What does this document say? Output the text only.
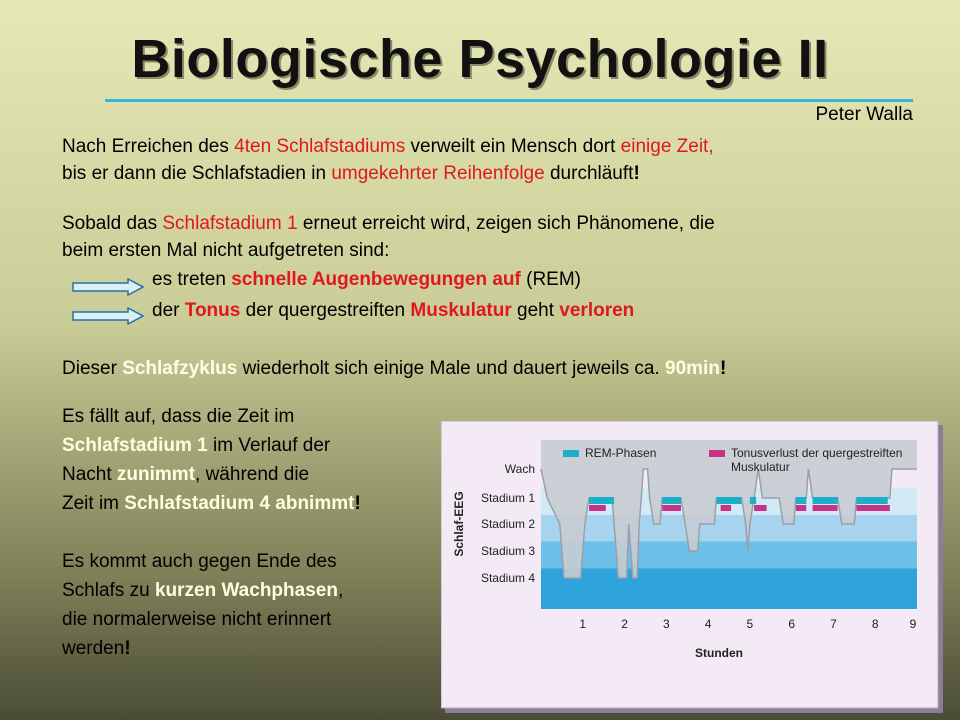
Biologische Psychologie II
Peter Walla
Nach Erreichen des 4ten Schlafstadiums verweilt ein Mensch dort einige Zeit,
bis er dann die Schlafstadien in umgekehrter Reihenfolge durchläuft!
Sobald das Schlafstadium 1 erneut erreicht wird, zeigen sich Phänomene, die
beim ersten Mal nicht aufgetreten sind:
es treten schnelle Augenbewegungen auf (REM)
der Tonus der quergestreiften Muskulatur geht verloren
Dieser Schlafzyklus wiederholt sich einige Male und dauert jeweils ca. 90min!
Es fällt auf, dass die Zeit im
Schlafstadium 1 im Verlauf der
Nacht zunimmt, während die
Zeit im Schlafstadium 4 abnimmt!

Es kommt auch gegen Ende des
Schlafs zu kurzen Wachphasen,
die normalerweise nicht erinnert
werden!
REM-Phasen	Tonusverlust der quergestreiften
Muskulatur
Wach
Stadium 1
Stadium 2
Stadium 3
Stadium 4
Schlaf-EEG
1	2	3	4	5	6	7	8	9
Stunden
